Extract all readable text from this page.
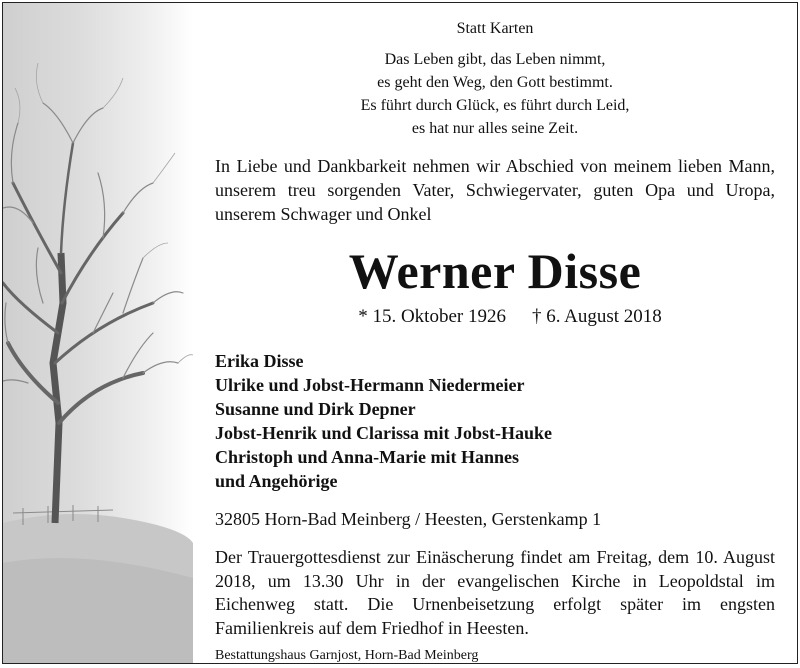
Statt Karten
Das Leben gibt, das Leben nimmt,
es geht den Weg, den Gott bestimmt.
Es führt durch Glück, es führt durch Leid,
es hat nur alles seine Zeit.
In Liebe und Dankbarkeit nehmen wir Abschied von meinem lieben Mann, unserem treu sorgenden Vater, Schwiegervater, guten Opa und Uropa, unserem Schwager und Onkel
Werner Disse
* 15. Oktober 1926 † 6. August 2018
Erika Disse
Ulrike und Jobst-Hermann Niedermeier
Susanne und Dirk Depner
Jobst-Henrik und Clarissa mit Jobst-Hauke
Christoph und Anna-Marie mit Hannes
und Angehörige
32805 Horn-Bad Meinberg / Heesten, Gerstenkamp 1
Der Trauergottesdienst zur Einäscherung findet am Freitag, dem 10. August 2018, um 13.30 Uhr in der evangelischen Kirche in Leopoldstal im Eichenweg statt. Die Urnenbeisetzung erfolgt später im engsten Familienkreis auf dem Friedhof in Heesten.
Bestattungshaus Garnjost, Horn-Bad Meinberg
